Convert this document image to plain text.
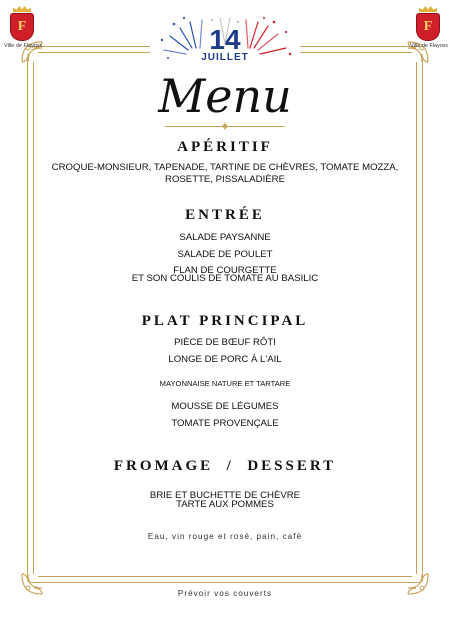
F
Ville de Flayosc
F
Ville de Flayosc
14
JUILLET
Menu
✦
APÉRITIF
CROQUE-MONSIEUR, TAPENADE, TARTINE DE CHÈVRES, TOMATE MOZZA,
ROSETTE, PISSALADIÈRE
ENTRÉE
SALADE PAYSANNE
SALADE DE POULET
FLAN DE COURGETTE
ET SON COULIS DE TOMATE AU BASILIC
PLAT PRINCIPAL
PIÈCE DE BŒUF RÔTI
LONGE DE PORC À L'AIL
MAYONNAISE NATURE ET TARTARE
MOUSSE DE LÉGUMES
TOMATE PROVENÇALE
FROMAGE  /  DESSERT
BRIE ET BUCHETTE DE CHÈVRE
TARTE AUX POMMES
Eau, vin rouge et rosé, pain, café
Prévoir vos couverts
